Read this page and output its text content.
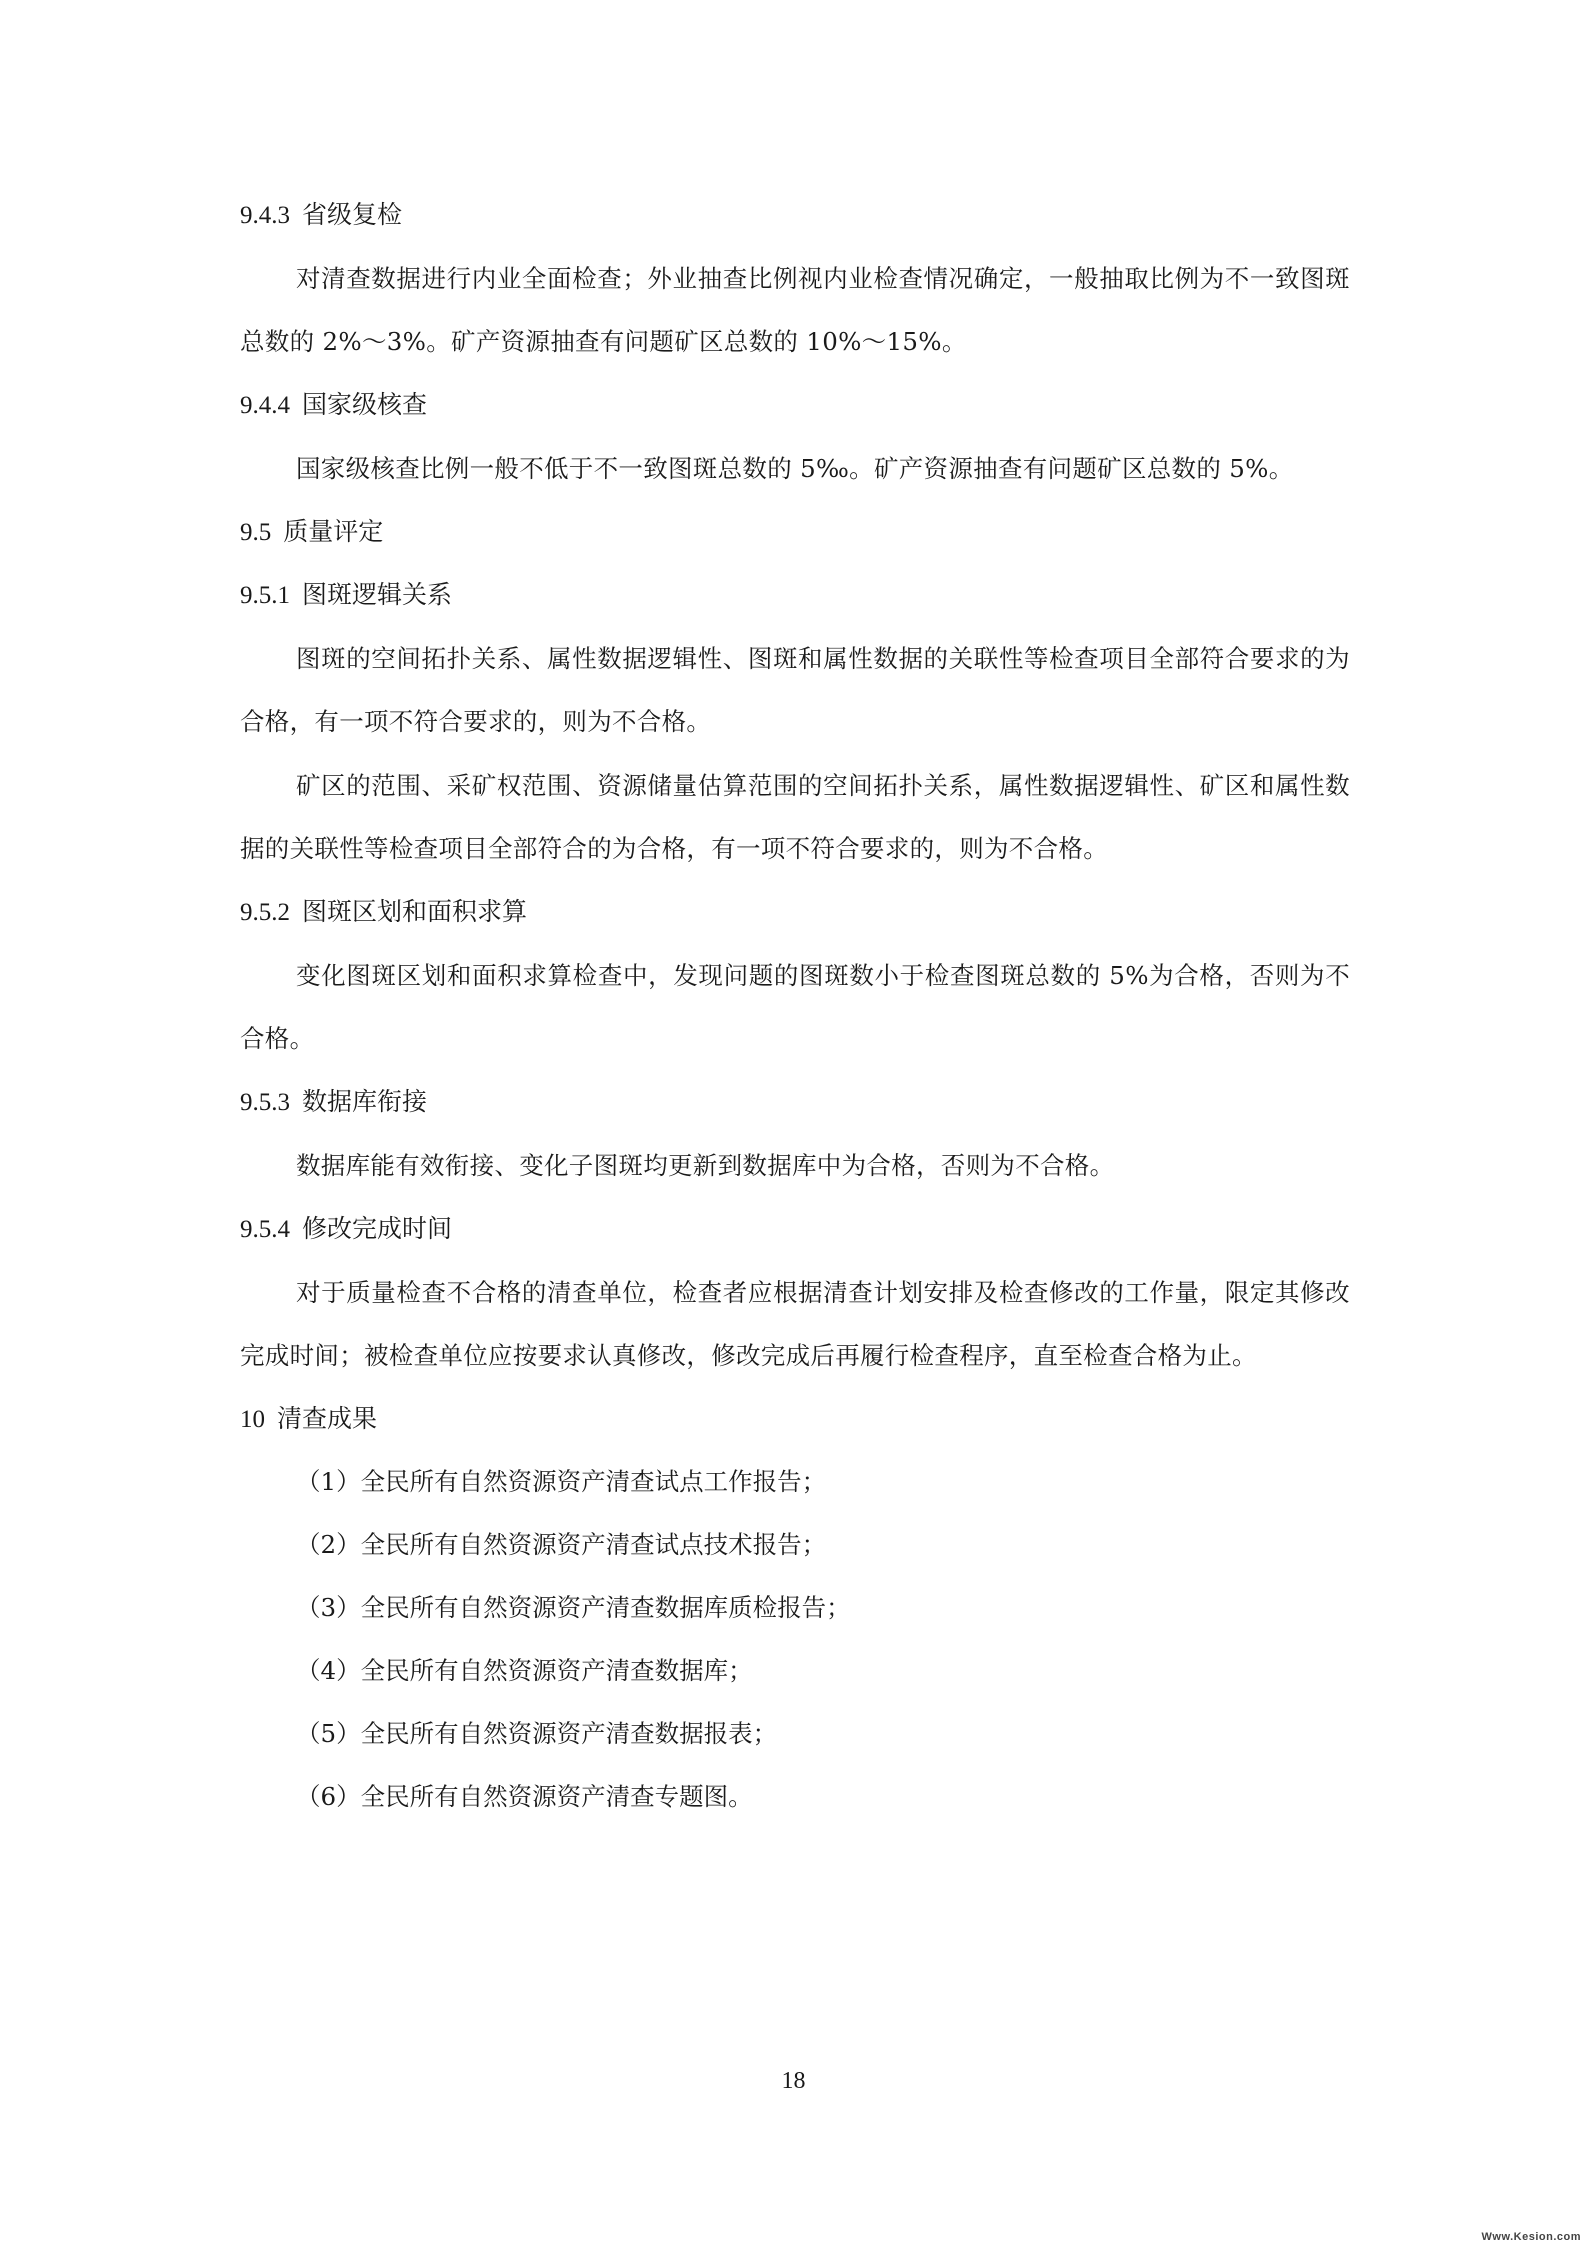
9.4.3 省级复检

对清查数据进行内业全面检查；外业抽查比例视内业检查情况确定，一般抽取比例为不一致图斑总数的 2%～3%。矿产资源抽查有问题矿区总数的 10%～15%。

9.4.4 国家级核查

国家级核查比例一般不低于不一致图斑总数的 5‰。矿产资源抽查有问题矿区总数的 5%。

9.5 质量评定
9.5.1 图斑逻辑关系

图斑的空间拓扑关系、属性数据逻辑性、图斑和属性数据的关联性等检查项目全部符合要求的为合格，有一项不符合要求的，则为不合格。

矿区的范围、采矿权范围、资源储量估算范围的空间拓扑关系，属性数据逻辑性、矿区和属性数据的关联性等检查项目全部符合的为合格，有一项不符合要求的，则为不合格。

9.5.2 图斑区划和面积求算

变化图斑区划和面积求算检查中，发现问题的图斑数小于检查图斑总数的 5%为合格，否则为不合格。

9.5.3 数据库衔接

数据库能有效衔接、变化子图斑均更新到数据库中为合格，否则为不合格。

9.5.4 修改完成时间

对于质量检查不合格的清查单位，检查者应根据清查计划安排及检查修改的工作量，限定其修改完成时间；被检查单位应按要求认真修改，修改完成后再履行检查程序，直至检查合格为止。

10 清查成果
（1）全民所有自然资源资产清查试点工作报告；
（2）全民所有自然资源资产清查试点技术报告；
（3）全民所有自然资源资产清查数据库质检报告；
（4）全民所有自然资源资产清查数据库；
（5）全民所有自然资源资产清查数据报表；
（6）全民所有自然资源资产清查专题图。
18
Www.Kesion.com
